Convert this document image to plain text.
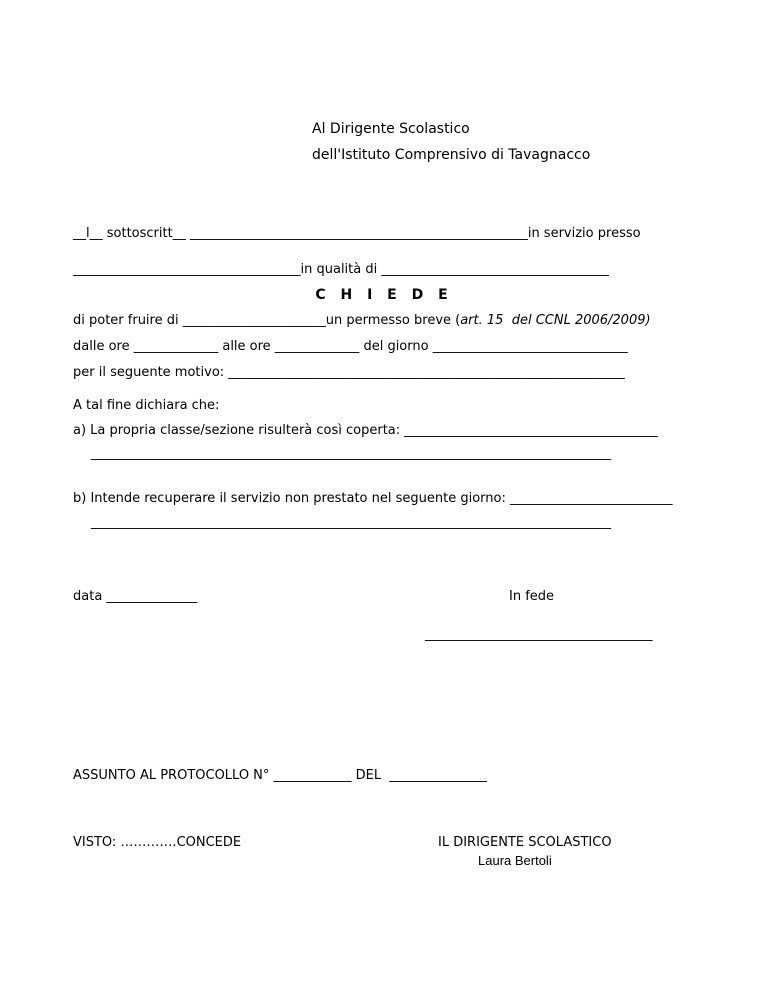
Al Dirigente Scolastico
dell'Istituto Comprensivo di Tavagnacco
__l__ sottoscritt__ ____________________________________________________in servizio presso
___________________________________in qualità di ___________________________________
C H I E D E
di poter fruire di ______________________un permesso breve (art. 15  del CCNL 2006/2009)
dalle ore _____________ alle ore _____________ del giorno ______________________________
per il seguente motivo: _____________________________________________________________
A tal fine dichiara che:
a) La propria classe/sezione risulterà così coperta: _______________________________________
________________________________________________________________________________
b) Intende recuperare il servizio non prestato nel seguente giorno: _________________________
________________________________________________________________________________
data ______________	In fede
___________________________________
ASSUNTO AL PROTOCOLLO N° ____________ DEL  _______________
VISTO: ………….CONCEDE	IL DIRIGENTE SCOLASTICO
Laura Bertoli
